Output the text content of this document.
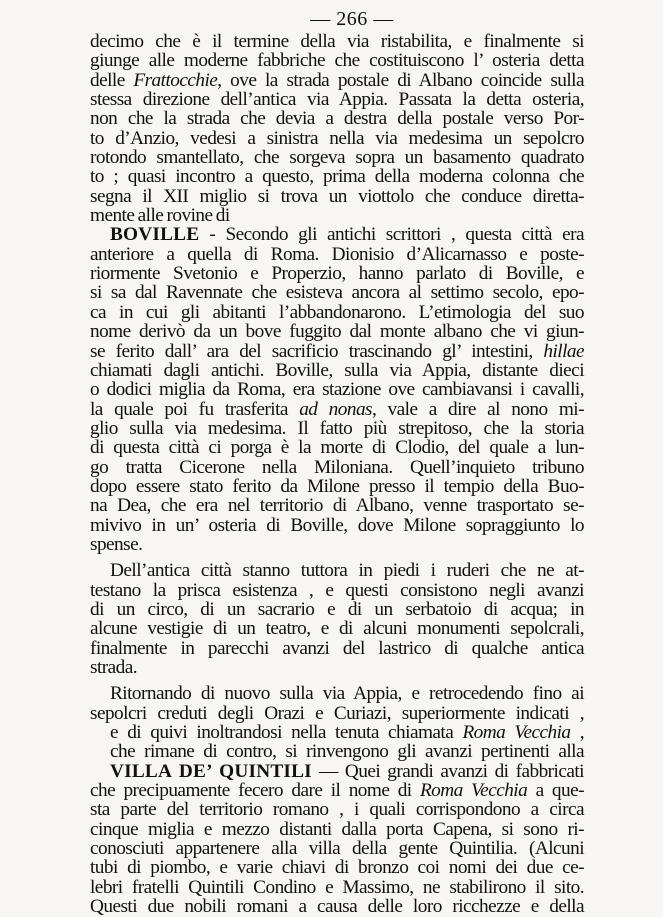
— 266 —
decimo che è il termine della via ristabilita, e finalmente si
giunge alle moderne fabbriche che costituiscono l’ osteria detta
delle Frattocchie, ove la strada postale di Albano coincide sulla
stessa direzione dell’antica via Appia. Passata la detta osteria,
non che la strada che devia a destra della postale verso Por-
to d’Anzio, vedesi a sinistra nella via medesima un sepolcro
rotondo smantellato, che sorgeva sopra un basamento quadrato
to ; quasi incontro a questo, prima della moderna colonna che
segna il XII miglio si trova un viottolo che conduce diretta-
mente alle rovine di
BOVILLE - Secondo gli antichi scrittori , questa città era
anteriore a quella di Roma. Dionisio d’Alicarnasso e poste-
riormente Svetonio e Properzio, hanno parlato di Boville, e
si sa dal Ravennate che esisteva ancora al settimo secolo, epo-
ca in cui gli abitanti l’abbandonarono. L’etimologia del suo
nome derivò da un bove fuggito dal monte albano che vi giun-
se ferito dall’ ara del sacrificio trascinando gl’ intestini, hillae
chiamati dagli antichi. Boville, sulla via Appia, distante dieci
o dodici miglia da Roma, era stazione ove cambiavansi i cavalli,
la quale poi fu trasferita ad nonas, vale a dire al nono mi-
glio sulla via medesima. Il fatto più strepitoso, che la storia
di questa città ci porga è la morte di Clodio, del quale a lun-
go tratta Cicerone nella Miloniana. Quell’inquieto tribuno
dopo essere stato ferito da Milone presso il tempio della Buo-
na Dea, che era nel territorio di Albano, venne trasportato se-
mivivo in un’ osteria di Boville, dove Milone sopraggiunto lo
spense.
Dell’antica città stanno tuttora in piedi i ruderi che ne at-
testano la prisca esistenza , e questi consistono negli avanzi
di un circo, di un sacrario e di un serbatoio di acqua; in
alcune vestigie di un teatro, e di alcuni monumenti sepolcrali,
finalmente in parecchi avanzi del lastrico di qualche antica
strada.
Ritornando di nuovo sulla via Appia, e retrocedendo fino ai
sepolcri creduti degli Orazi e Curiazi, superiormente indicati ,
e di quivi inoltrandosi nella tenuta chiamata Roma Vecchia ,
che rimane di contro, si rinvengono gli avanzi pertinenti alla
VILLA DE’ QUINTILI — Quei grandi avanzi di fabbricati
che precipuamente fecero dare il nome di Roma Vecchia a que-
sta parte del territorio romano , i quali corrispondono a circa
cinque miglia e mezzo distanti dalla porta Capena, si sono ri-
conosciuti appartenere alla villa della gente Quintilia. (Alcuni
tubi di piombo, e varie chiavi di bronzo coi nomi dei due ce-
lebri fratelli Quintili Condino e Massimo, ne stabilirono il sito.
Questi due nobili romani a causa delle loro ricchezze e della
